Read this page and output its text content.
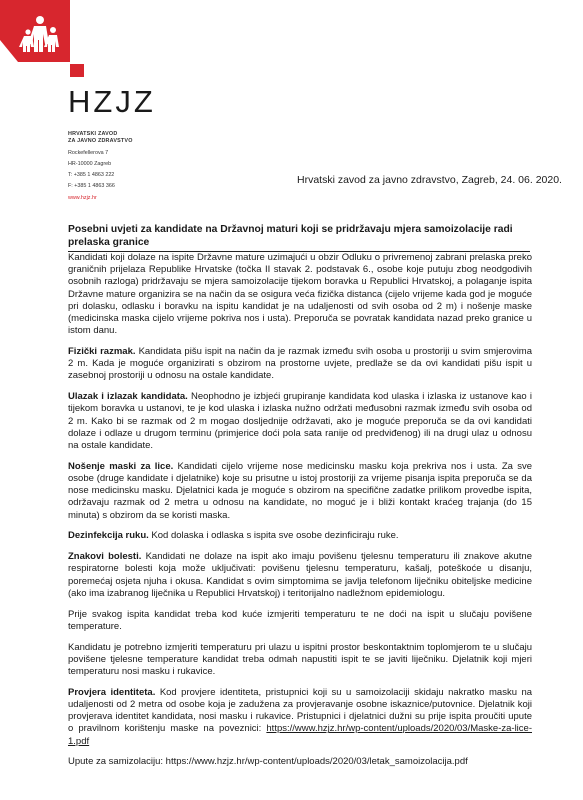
HZJZ
HRVATSKI ZAVOD
ZA JAVNO ZDRAVSTVO
Rockefellerova 7
HR-10000 Zagreb
T: +385 1 4863 222
F: +385 1 4863 366
www.hzjz.hr
Hrvatski zavod za javno zdravstvo, Zagreb, 24. 06. 2020.
Posebni uvjeti za kandidate na Državnoj maturi koji se pridržavaju mjera samoizolacije radi prelaska granice

Kandidati koji dolaze na ispite Državne mature uzimajući u obzir Odluku o privremenoj zabrani prelaska preko graničnih prijelaza Republike Hrvatske (točka II stavak 2. podstavak 6., osobe koje putuju zbog neodgodivih osobnih razloga) pridržavaju se mjera samoizolacije tijekom boravka u Republici Hrvatskoj, a polaganje ispita Državne mature organizira se na način da se osigura veća fizička distanca (cijelo vrijeme kada god je moguće pri dolasku, odlasku i boravku na ispitu kandidat je na udaljenosti od svih osoba od 2 m) i nošenje maske (medicinska maska cijelo vrijeme pokriva nos i usta). Preporuča se povratak kandidata nazad preko granice u istom danu.

Fizički razmak. Kandidata pišu ispit na način da je razmak između svih osoba u prostoriji u svim smjerovima 2 m. Kada je moguće organizirati s obzirom na prostorne uvjete, predlaže se da ovi kandidati pišu ispit u zasebnoj prostoriji u odnosu na ostale kandidate.

Ulazak i izlazak kandidata. Neophodno je izbjeći grupiranje kandidata kod ulaska i izlaska iz ustanove kao i tijekom boravka u ustanovi, te je kod ulaska i izlaska nužno održati međusobni razmak između svih osoba od 2 m. Kako bi se razmak od 2 m mogao dosljednije održavati, ako je moguće preporuča se da ovi kandidati dolaze i odlaze u drugom terminu (primjerice doći pola sata ranije od predviđenog) ili na drugi ulaz u odnosu na ostale kandidate.

Nošenje maski za lice. Kandidati cijelo vrijeme nose medicinsku masku koja prekriva nos i usta. Za sve osobe (druge kandidate i djelatnike) koje su prisutne u istoj prostoriji za vrijeme pisanja ispita preporuča se da nose medicinsku masku. Djelatnici kada je moguće s obzirom na specifične zadatke prilikom provedbe ispita, održavaju razmak od 2 metra u odnosu na kandidate, no moguć je i bliži kontakt kraćeg trajanja (do 15 minuta) s obzirom da se koristi maska.

Dezinfekcija ruku. Kod dolaska i odlaska s ispita sve osobe dezinficiraju ruke.

Znakovi bolesti. Kandidati ne dolaze na ispit ako imaju povišenu tjelesnu temperaturu ili znakove akutne respiratorne bolesti koja može uključivati: povišenu tjelesnu temperaturu, kašalj, poteškoće u disanju, poremećaj osjeta njuha i okusa. Kandidat s ovim simptomima se javlja telefonom liječniku obiteljske medicine (ako ima izabranog liječnika u Republici Hrvatskoj) i teritorijalno nadležnom epidemiologu.

Prije svakog ispita kandidat treba kod kuće izmjeriti temperaturu te ne doći na ispit u slučaju povišene temperature.

Kandidatu je potrebno izmjeriti temperaturu pri ulazu u ispitni prostor beskontaktnim toplomjerom te u slučaju povišene tjelesne temperature kandidat treba odmah napustiti ispit te se javiti liječniku. Djelatnik koji mjeri temperaturu nosi masku i rukavice.

Provjera identiteta. Kod provjere identiteta, pristupnici koji su u samoizolaciji skidaju nakratko masku na udaljenosti od 2 metra od osobe koja je zadužena za provjeravanje osobne iskaznice/putovnice. Djelatnik koji provjerava identitet kandidata, nosi masku i rukavice. Pristupnici i djelatnici dužni su prije ispita proučiti upute o pravilnom korištenju maske na poveznici: https://www.hzjz.hr/wp-content/uploads/2020/03/Maske-za-lice-1.pdf

Upute za samizolaciju: https://www.hzjz.hr/wp-content/uploads/2020/03/letak_samoizolacija.pdf
